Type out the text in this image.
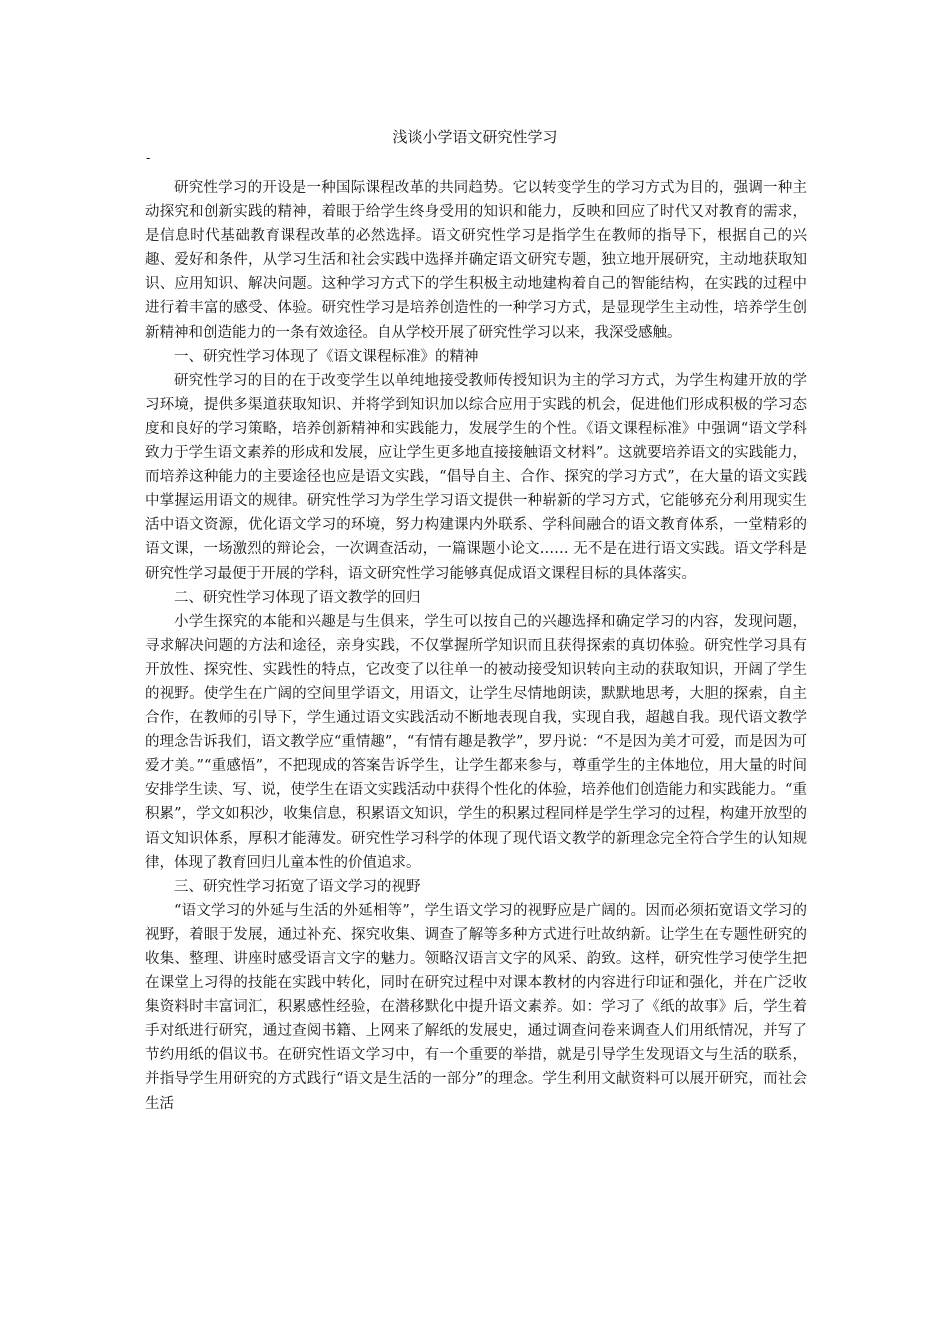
浅谈小学语文研究性学习
-

研究性学习的开设是一种国际课程改革的共同趋势。它以转变学生的学习方式为目的，强调一种主动探究和创新实践的精神，着眼于给学生终身受用的知识和能力，反映和回应了时代又对教育的需求，是信息时代基础教育课程改革的必然选择。语文研究性学习是指学生在教师的指导下，根据自己的兴趣、爱好和条件，从学习生活和社会实践中选择并确定语文研究专题，独立地开展研究，主动地获取知识、应用知识、解决问题。这种学习方式下的学生积极主动地建构着自己的智能结构，在实践的过程中进行着丰富的感受、体验。研究性学习是培养创造性的一种学习方式，是显现学生主动性，培养学生创新精神和创造能力的一条有效途径。自从学校开展了研究性学习以来，我深受感触。

一、研究性学习体现了《语文课程标准》的精神

研究性学习的目的在于改变学生以单纯地接受教师传授知识为主的学习方式，为学生构建开放的学习环境，提供多渠道获取知识、并将学到知识加以综合应用于实践的机会，促进他们形成积极的学习态度和良好的学习策略，培养创新精神和实践能力，发展学生的个性。《语文课程标准》中强调“语文学科致力于学生语文素养的形成和发展，应让学生更多地直接接触语文材料”。这就要培养语文的实践能力，而培养这种能力的主要途径也应是语文实践，“倡导自主、合作、探究的学习方式”，在大量的语文实践中掌握运用语文的规律。研究性学习为学生学习语文提供一种崭新的学习方式，它能够充分利用现实生活中语文资源，优化语文学习的环境，努力构建课内外联系、学科间融合的语文教育体系，一堂精彩的语文课，一场激烈的辩论会，一次调查活动，一篇课题小论文…… 无不是在进行语文实践。语文学科是研究性学习最便于开展的学科，语文研究性学习能够真促成语文课程目标的具体落实。

二、研究性学习体现了语文教学的回归

小学生探究的本能和兴趣是与生俱来，学生可以按自己的兴趣选择和确定学习的内容，发现问题，寻求解决问题的方法和途径，亲身实践，不仅掌握所学知识而且获得探索的真切体验。研究性学习具有开放性、探究性、实践性的特点，它改变了以往单一的被动接受知识转向主动的获取知识，开阔了学生的视野。使学生在广阔的空间里学语文，用语文，让学生尽情地朗读，默默地思考，大胆的探索，自主合作，在教师的引导下，学生通过语文实践活动不断地表现自我，实现自我，超越自我。现代语文教学的理念告诉我们，语文教学应“重情趣”，“有情有趣是教学”，罗丹说：“不是因为美才可爱，而是因为可爱才美。”“重感悟”，不把现成的答案告诉学生，让学生都来参与，尊重学生的主体地位，用大量的时间安排学生读、写、说，使学生在语文实践活动中获得个性化的体验，培养他们创造能力和实践能力。“重积累”，学文如积沙，收集信息，积累语文知识，学生的积累过程同样是学生学习的过程，构建开放型的语文知识体系，厚积才能薄发。研究性学习科学的体现了现代语文教学的新理念完全符合学生的认知规律，体现了教育回归儿童本性的价值追求。

三、研究性学习拓宽了语文学习的视野

“语文学习的外延与生活的外延相等”，学生语文学习的视野应是广阔的。因而必须拓宽语文学习的视野，着眼于发展，通过补充、探究收集、调查了解等多种方式进行吐故纳新。让学生在专题性研究的收集、整理、讲座时感受语言文字的魅力。领略汉语言文字的风采、韵致。这样，研究性学习使学生把在课堂上习得的技能在实践中转化，同时在研究过程中对课本教材的内容进行印证和强化，并在广泛收集资料时丰富词汇，积累感性经验，在潜移默化中提升语文素养。如：学习了《纸的故事》后，学生着手对纸进行研究，通过查阅书籍、上网来了解纸的发展史，通过调查问卷来调查人们用纸情况，并写了节约用纸的倡议书。在研究性语文学习中，有一个重要的举措，就是引导学生发现语文与生活的联系，并指导学生用研究的方式践行“语文是生活的一部分”的理念。学生利用文献资料可以展开研究，而社会生活
